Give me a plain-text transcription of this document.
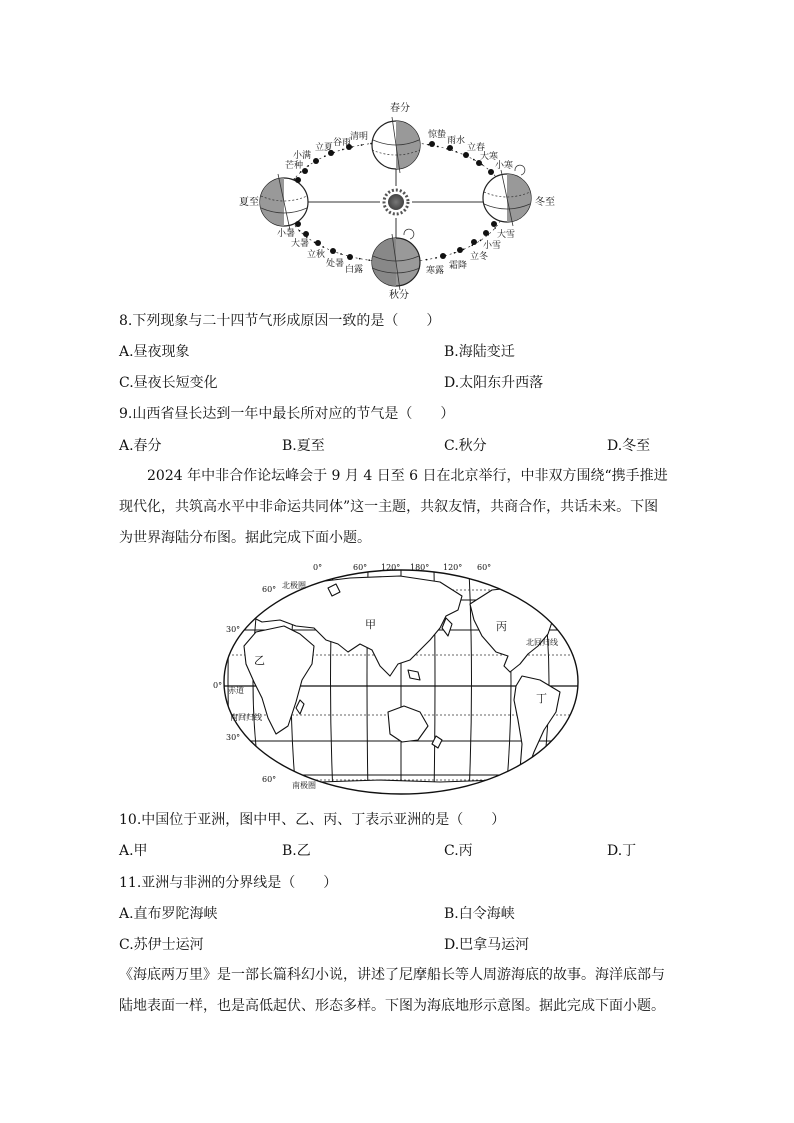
春分
夏至	冬至
秋分
清明
谷雨
立夏
小满
芒种
惊蛰
雨水
立春
大寒
小寒
小暑
大暑
立秋
处暑
白露	寒露 霜降
立冬
小雪
大雪
8.下列现象与二十四节气形成原因一致的是（　　）
A.昼夜现象	B.海陆变迁
C.昼夜长短变化	D.太阳东升西落
9.山西省昼长达到一年中最长所对应的节气是（　　）
A.春分	B.夏至	C.秋分	D.冬至
2024 年中非合作论坛峰会于 9 月 4 日至 6 日在北京举行，中非双方围绕“携手推进现代化，共筑高水平中非命运共同体”这一主题，共叙友情，共商合作，共话未来。下图为世界海陆分布图。据此完成下面小题。
0°	60° 120° 180° 120° 60°
60°
30°
0°
30°
60°
北极圈
北回归线
赤道
南回归线
南极圈
甲
乙
丙
丁
10.中国位于亚洲，图中甲、乙、丙、丁表示亚洲的是（　　）
A.甲	B.乙	C.丙	D.丁
11.亚洲与非洲的分界线是（　　）
A.直布罗陀海峡	B.白令海峡
C.苏伊士运河	D.巴拿马运河
《海底两万里》是一部长篇科幻小说，讲述了尼摩船长等人周游海底的故事。海洋底部与陆地表面一样，也是高低起伏、形态多样。下图为海底地形示意图。据此完成下面小题。
